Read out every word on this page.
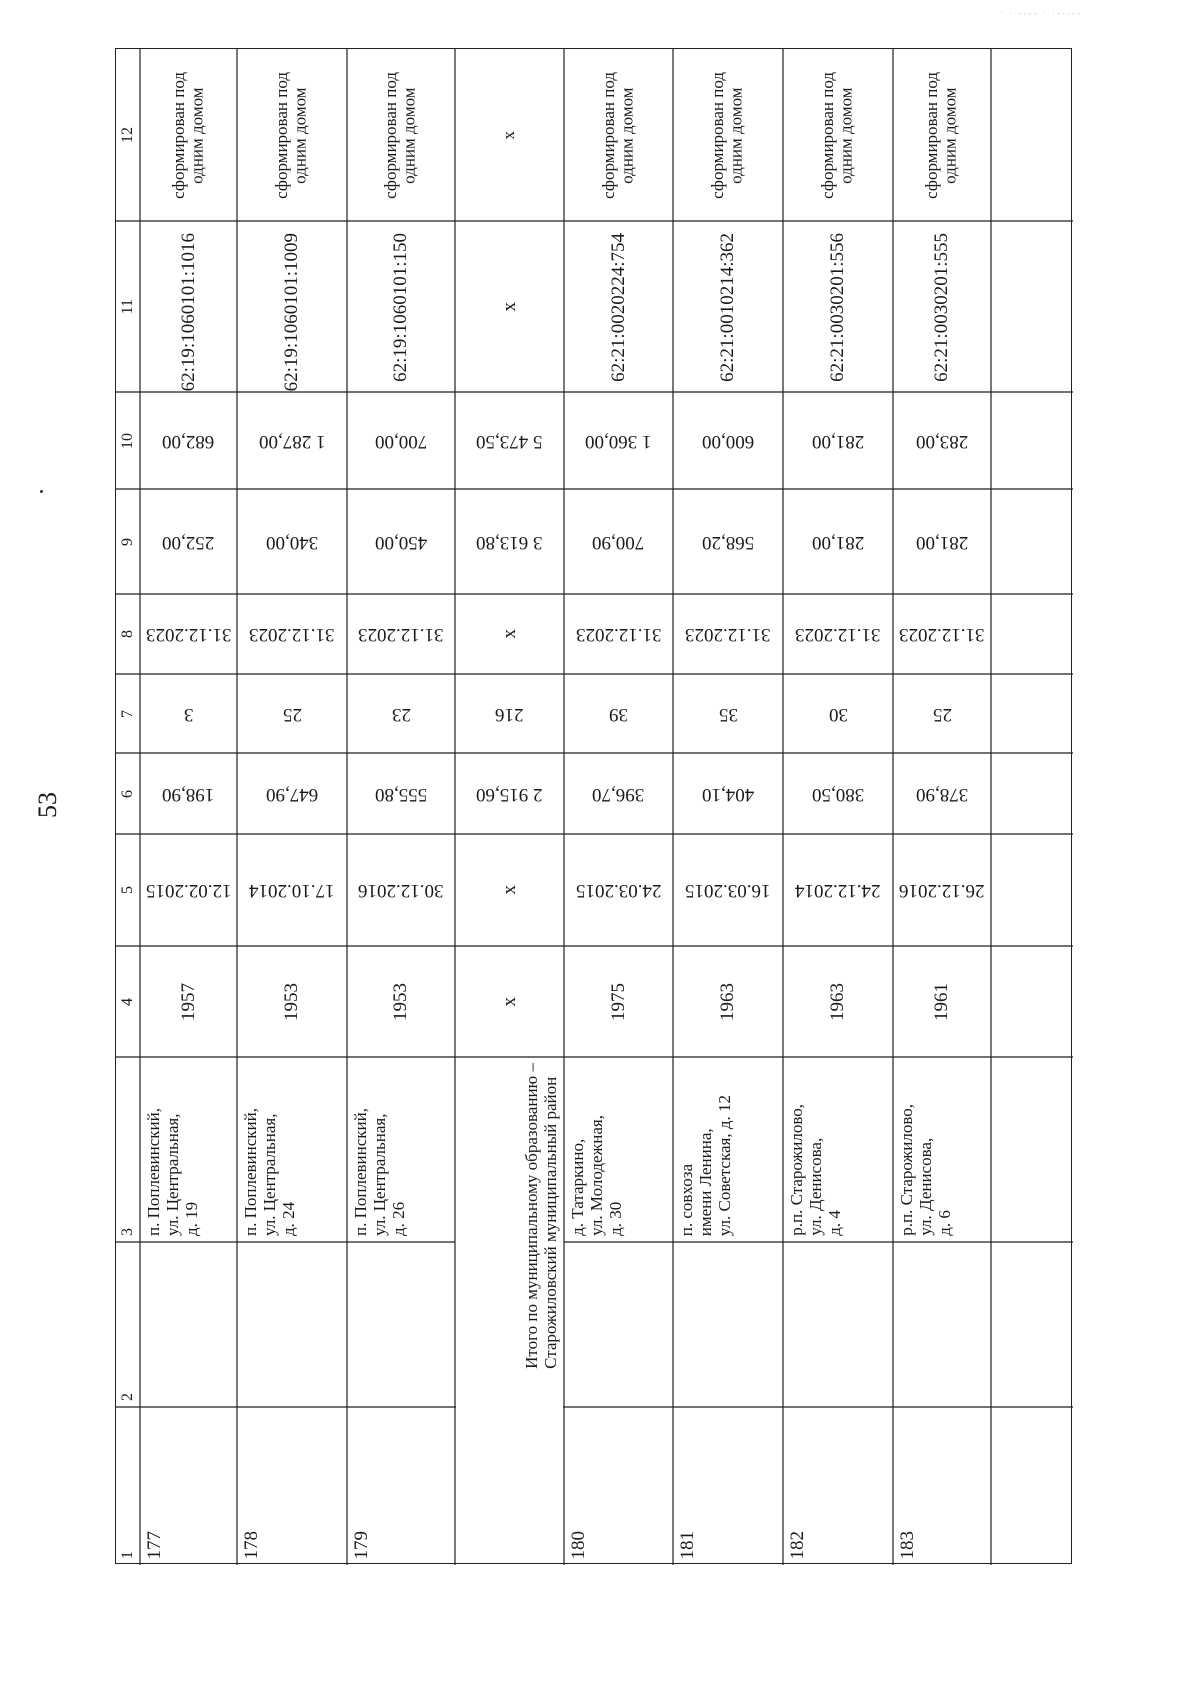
53
· · ‐‐‐‐ · ·‐‐‐‐‐
12
11
10
9
8
7
6
5
4
3
2
1
сформирован под одним домом
62:19:1060101:1016
682,00
252,00
31.12.2023
3
198,90
12.02.2015
1957
п. Поплевинский, ул. Центральная, д. 19
177
сформирован под одним домом
62:19:1060101:1009
1 287,00
340,00
31.12.2023
25
647,90
17.10.2014
1953
п. Поплевинский, ул. Центральная, д. 24
178
сформирован под одним домом
62:19:1060101:150
700,00
450,00
31.12.2023
23
555,80
30.12.2016
1953
п. Поплевинский, ул. Центральная, д. 26
179
Итого по муниципальному образованию – Старожиловский муниципальный район
х
х
5 473,50
3 613,80
х
216
2 915,60
х
х
сформирован под одним домом
62:21:0020224:754
1 360,00
700,90
31.12.2023
39
396,70
24.03.2015
1975
д. Татаркино, ул. Молодежная, д. 30
180
сформирован под одним домом
62:21:0010214:362
600,00
568,20
31.12.2023
35
404,10
16.03.2015
1963
п. совхоза имени Ленина, ул. Советская, д. 12
181
сформирован под одним домом
62:21:0030201:556
281,00
281,00
31.12.2023
30
380,50
24.12.2014
1963
р.п. Старожилово, ул. Денисова, д. 4
182
сформирован под одним домом
62:21:0030201:555
283,00
281,00
31.12.2023
25
378,90
26.12.2016
1961
р.п. Старожилово, ул. Денисова, д. 6
183
